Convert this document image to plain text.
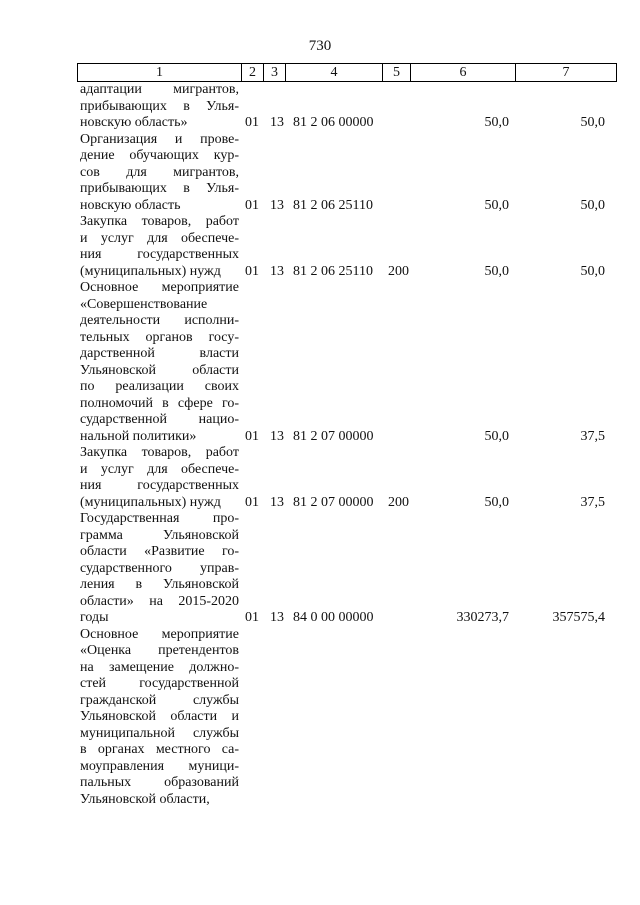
730
1	2	3	4	5	6	7
адаптации мигрантов,
прибывающих в Улья-
новскую область»	01 13 81 2 06 00000	50,0	50,0
Организация и прове-
дение обучающих кур-
сов для мигрантов,
прибывающих в Улья-
новскую область	01 13 81 2 06 25110	50,0	50,0
Закупка товаров, работ
и услуг для обеспече-
ния государственных
(муниципальных) нужд	01 13 81 2 06 25110 200	50,0	50,0
Основное мероприятие
«Совершенствование
деятельности исполни-
тельных органов госу-
дарственной власти
Ульяновской области
по реализации своих
полномочий в сфере го-
сударственной нацио-
нальной политики»	01 13 81 2 07 00000	50,0	37,5
Закупка товаров, работ
и услуг для обеспече-
ния государственных
(муниципальных) нужд	01 13 81 2 07 00000 200	50,0	37,5
Государственная про-
грамма Ульяновской
области «Развитие го-
сударственного управ-
ления в Ульяновской
области» на 2015-2020
годы	01 13 84 0 00 00000	330273,7	357575,4
Основное мероприятие
«Оценка претендентов
на замещение должно-
стей государственной
гражданской службы
Ульяновской области и
муниципальной службы
в органах местного са-
моуправления муници-
пальных образований
Ульяновской области,
